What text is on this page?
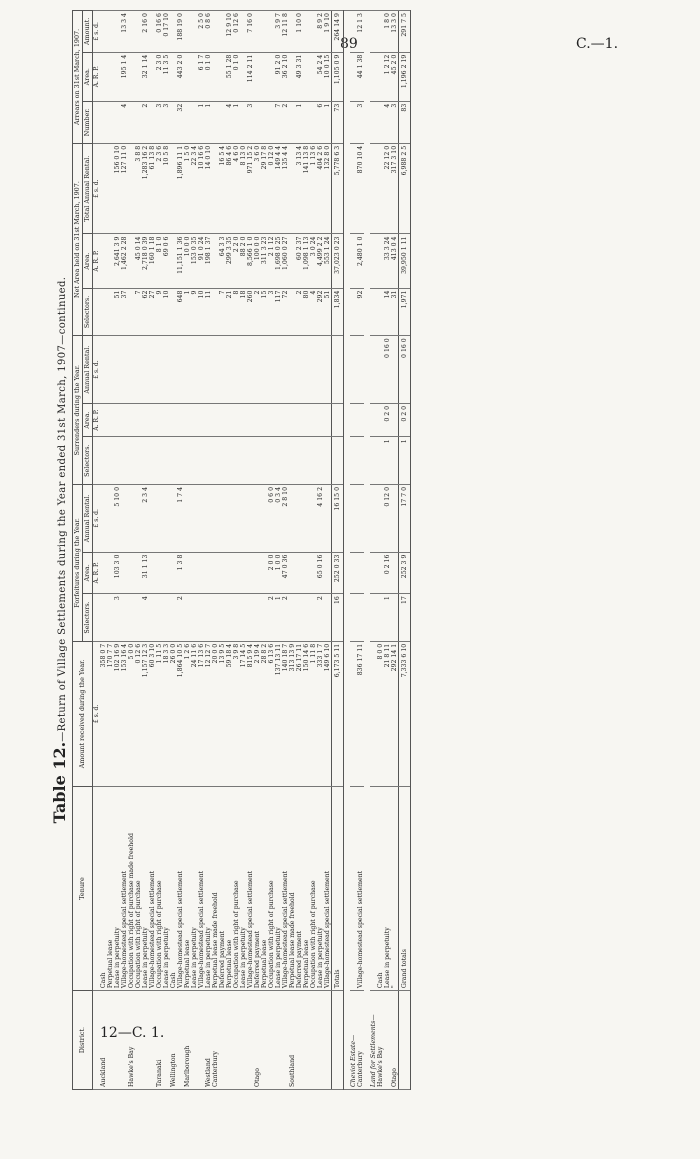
89	C.—1.
12—C. 1.
Table 12.—Return of Village Settlements during the Year ended 31st March, 1907—continued.
District.	Tenure	Amount received during the Year.	Forfeitures during the Year.			Surrenders during the Year.			Net Area held on 31st March, 1907.			Arrears on 31st March, 1907.		
			Selectors.	Area.	Annual Rental.	Selectors.	Area.	Annual Rental.	Selectors.	Area.	Total Annual Rental.	Number.	Area.	Amount.
		£ s. d.		A. R. P.	£ s. d.		A. R. P.	£ s. d.		A. R. P.	£ s. d.		A. R. P.	£ s. d.
Auckland	Cash	358 0 7												
	Perpetual lease	170 7 7												
	Lease in perpetuity	102 16 9	3	103 3 0	5 10 0				51	2,641 3 9	156 0 10			
	Village-homestead special settlement	153 16 4							37	1,462 2 28	127 11 0	4	195 1 4	13 3 4
Hawke's Bay	Occupation with right of purchase made freehold	5 0 0												
	Occupation with right of purchase	0 12 6							7	45 0 14	3 8 8			
	Lease in perpetuity	1,157 12 3	4	31 1 13	2 3 4				62	2,718 0 39	1,283 16 2	2	32 1 14	2 16 0
	Village-homestead special settlement	60 3 10							27	160 1 18	61 13 8			
Taranaki	Occupation with right of purchase	1 11 5							9	8 1 0	2 3 6	3	2 3 0	0 16 6
	Lease in perpetuity	18 3 3							10	69 0 6	10 5 8	3	11 3 5	0 17 10
Wellington	Cash	26 0 0												
	Village-homestead special settlement	1,864 10 5	2	1 3 8	1 7 4				648	11,151 1 36	1,896 11 1	32	443 2 0	188 19 0
Marlborough	Perpetual lease	1 2 6							1	10 0 0	1 5 0			
	Lease in perpetuity	24 11 6							9	153 0 35	22 3 4			
	Village-homestead special settlement	17 13 6							10	91 0 24	10 16 6	1	6 1 7	2 5 0
Westland	Lease in perpetuity	12 12 7							11	198 1 37	14 0 10	1	0 1 0	0 8 6
Canterbury	Perpetual lease made freehold	20 0 0												
	Deferred payment	13 9 5							7	64 3 3	16 5 4			
	Perpetual lease	59 18 4							21	299 3 35	86 4 6	4	55 1 28	12 9 10
	Occupation with right of purchase	3 9 8							8	2 2 0	4 6 0	1	0 1 0	0 12 6
	Lease in perpetuity	17 14 5							18	88 2 0	8 13 0			
	Village-homestead special settlement	815 9 4							260	8,566 1 0	971 15 2	3	114 2 11	7 16 0
Otago	Deferred payment	2 19 4							2	100 0 0	3 6 0			
	Perpetual lease	28 8 2							15	311 3 23	29 17 8			
	Occupation with right of purchase	6 13 6	2	2 0 0	0 6 0				3	2 1 12	0 12 0			
	Lease in perpetuity	137 13 11	1	1 0 0	0 3 4				117	1,698 0 25	149 4 4	7	91 2 0	3 9 7
	Village-homestead special settlement	140 18 7	2	47 0 36	2 8 10				72	1,060 0 27	135 4 4	2	36 2 10	12 11 8
Southland	Perpetual lease made freehold	313 13 9												
	Deferred payment	26 17 11							2	60 2 37	3 13 4	1	49 3 31	1 10 0
	Perpetual lease	150 14 6							80	1,098 1 13	141 13 8			
	Occupation with right of purchase	1 11 8							4	3 0 24	1 13 6			
	Lease in perpetuity	333 1 7	2	65 0 16	4 16 2				292	4,499 2 2	404 2 6	6	54 2 4	8 9 2
	Village-homestead special settlement	149 6 10							51	553 1 24	132 8 0	1	10 0 15	1 9 10
	Totals	6,173 5 11	16	252 0 33	16 15 0				1,834	37,023 0 23	5,778 6 3	73	1,105 0 9	264 14 9

Cheviot Estate—														
Canterbury	Village-homestead special settlement	836 17 11							92	2,480 1 0	870 10 4	3	44 1 38	12 1 3

Land for Settlements—														
Hawke's Bay	Cash	8 0 0												
	Lease in perpetuity	21 8 11	1	0 2 16	0 12 0	1	0 2 0	0 16 0	14	33 3 24	22 12 0	4	1 2 12	1 8 0
Otago	"	292 14 1							31	413 0 4	317 3 10	3	45 2 0	13 3 0
	Grand totals	7,333 6 10	17	252 3 9	17 7 0	1	0 2 0	0 16 0	1,971	39,950 1 11	6,988 2 5	83	1,196 2 19	291 7 5
